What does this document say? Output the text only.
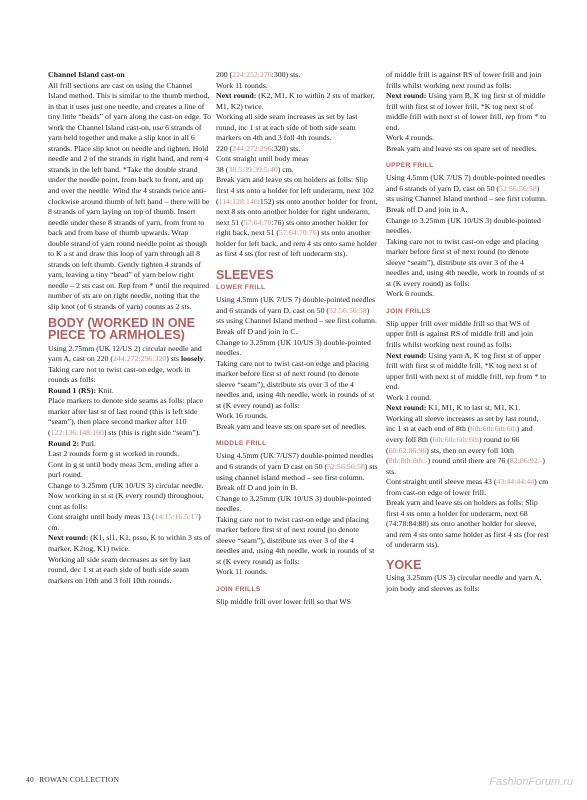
Channel Island cast-on

All frill sections are cast on using the Channel Island method. This is similar to the thumb method, in that it uses just one needle, and creates a line of tiny little “beads” of yarn along the cast-on edge. To work the Channel Island cast-on, use 6 strands of yarn held together and make a slip knot in all 6 strands. Place slip knot on needle and tighten. Hold needle and 2 of the strands in right hand, and rem 4 strands in the left hand. *Take the double strand under the needle point, from back to front, and up and over the needle. Wind the 4 strands twice anti-clockwise around thumb of left hand – there will be 8 strands of yarn laying on top of thumb. Insert needle under these 8 strands of yarn, from front to back and from base of thumb upwards. Wrap double strand of yarn round needle point as though to K a st and draw this loop of yarn through all 8 strands on left thumb. Gently tighten 4 strands of yarn, leaving a tiny “bead” of yarn below right needle – 2 sts cast on. Rep from * until the required number of sts are on right needle, noting that the slip knot (of 6 strands of yarn) counts as 2 sts.

BODY (WORKED IN ONE PIECE TO ARMHOLES)

Using 2.75mm (UK 12/US 2) circular needle and yarn A, cast on 220 (244:272:296:320) sts loosely.

Taking care not to twist cast-on edge, work in rounds as folls:

Round 1 (RS): Knit.

Place markers to denote side seams as folls: place marker after last st of last round (this is left side “seam”), then place second marker after 110 (122:136:148:160) sts (this is right side “seam”).

Round 2: Purl.

Last 2 rounds form g st worked in rounds.

Cont in g st until body meas 3cm, ending after a purl round.

Change to 3.25mm (UK 10/US 3) circular needle.

Now working in st st (K every round) throughout, cont as folls:

Cont straight until body meas 13 (14:15:16.5:17) cm.

Next round: (K1, sl1, K1, psso, K to within 3 sts of marker, K2tog, K1) twice.

Working all side seam decreases as set by last round, dec 1 st at each side of both side seam markers on 10th and 3 foll 10th rounds.

200 (224:252:276:300) sts.

Work 11 rounds.

Next round: (K2, M1, K to within 2 sts of marker, M1, K2) twice.

Working all side seam increases as set by last round, inc 1 st at each side of both side seam markers on 4th and 3 foll 4th rounds.

220 (244:272:296:320) sts.

Cont straight until body meas

38 (38.5:39:39.5:40) cm.

Break yarn and leave sts on holders as folls: Slip first 4 sts onto a holder for left underarm, next 102 (114:128:140:152) sts onto another holder for front, next 8 sts onto another holder for right underarm, next 51 (57:64:70:76) sts onto another holder for right back, next 51 (57:64:70:76) sts onto another holder for left back, and rem 4 sts onto same holder as first 4 sts (for rest of left underarm sts).

SLEEVES
LOWER FRILL

Using 4.5mm (UK 7/US 7) double-pointed needles and 6 strands of yarn D, cast on 50 (52:56:56:58) sts using Channel Island method – see first column.

Break off D and join in C.

Change to 3.25mm (UK 10/US 3) double-pointed needles.

Taking care not to twist cast-on edge and placing marker before first st of next round (to denote sleeve “seam”), distribute sts over 3 of the 4 needles and, using 4th needle, work in rounds of st st (K every round) as folls:

Work 16 rounds.

Break yarn and leave sts on spare set of needles.

MIDDLE FRILL

Using 4.5mm (UK 7/US7) double-pointed needles and 6 strands of yarn D cast on 50 (52:56:56:58) sts using channel island method – see first column.

Break off D and join in B.

Change to 3.25mm (UK 10/US 3) double-pointed needles.

Taking care not to twist cast-on edge and placing marker before first st of next round (to denote sleeve “seam”), distribute sts over 3 of the 4 needles and, using 4th needle, work in rounds of st st (K every round) as folls:

Work 11 rounds.

JOIN FRILLS

Slip middle frill over lower frill so that WS

of middle frill is against RS of lower frill and join frills whilst working next round as folls:

Next round: Using yarn B, K tog first st of middle frill with first st of lower frill, *K tog next st of middle frill with next st of lower frill, rep from * to end.

Work 4 rounds.

Break yarn and leave sts on spare set of needles.

UPPER FRILL

Using 4.5mm (UK 7/US 7) double-pointed needles and 6 strands of yarn D, cast on 50 (52:56:56:58) sts using Channel Island method – see first column.

Break off D and join in A.

Change to 3.25mm (UK 10/US 3) double-pointed needles.

Taking care not to twist cast-on edge and placing marker before first st of next round (to denote sleeve “seam”), distribute sts over 3 of the 4 needles and, using 4th needle, work in rounds of st st (K every round) as folls:

Work 6 rounds.

JOIN FRILLS

Slip upper frill over middle frill so that WS of upper frill is against RS of middle frill and join frills whilst working next round as folls:

Next round: Using yarn A, K tog first st of upper frill with first st of middle frill, *K tog next st of upper frill with next st of middle frill, rep from * to end.

Work 1 round.

Next round: K1, M1, K to last st, M1, K1.

Working all sleeve increases as set by last round, inc 1 st at each end of 8th (6th:6th:6th:6th) and every foll 8th (6th:6th:6th:6th) round to 66 (60:62:86:96) sts, then on every foll 10th (8th:8th:8th:-) round until there are 76 (82:86:92:-) sts.

Cont straight until sleeve meas 43 (43:44:44:44) cm from cast-on edge of lower frill.

Break yarn and leave sts on holders as folls: Slip first 4 sts onto a holder for underarm, next 68 (74:78:84:88) sts onto another holder for sleeve, and rem 4 sts onto same holder as first 4 sts (for rest of underarm sts).

YOKE

Using 3.25mm (US 3) circular needle and yarn A, join body and sleeves as folls:

40 ROWAN COLLECTION	FashionForum.ru
